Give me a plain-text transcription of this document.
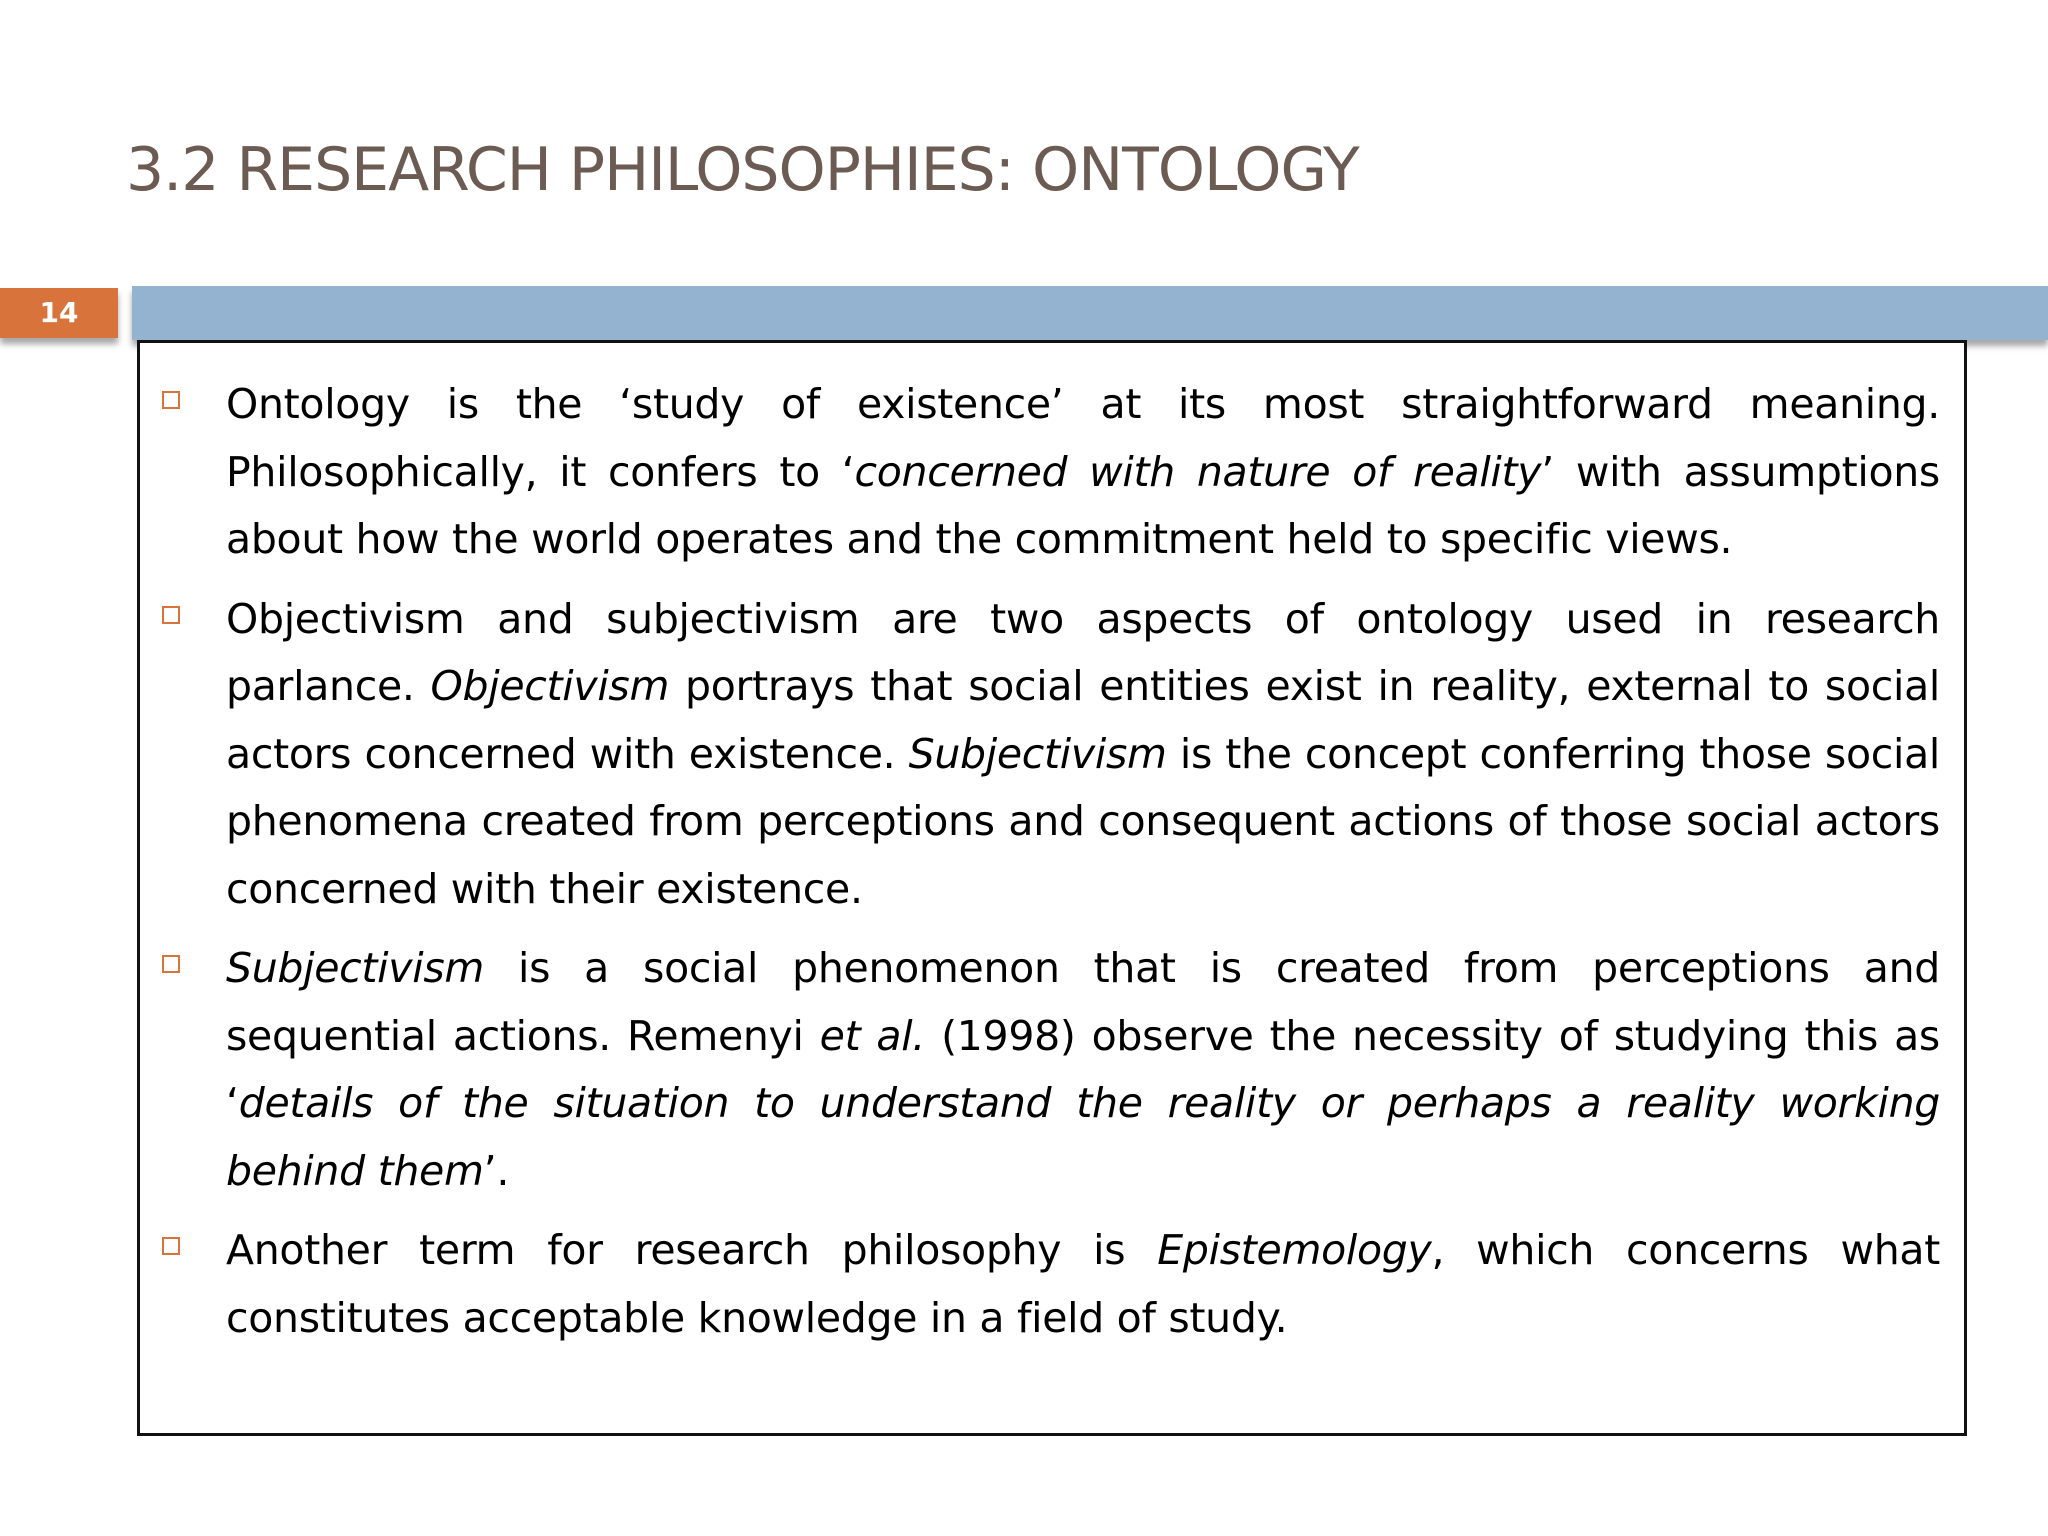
3.2 RESEARCH PHILOSOPHIES: ONTOLOGY
14
Ontology is the ‘study of existence’ at its most straightforward meaning. Philosophically, it confers to ‘concerned with nature of reality’ with assumptions about how the world operates and the commitment held to specific views.
Objectivism and subjectivism are two aspects of ontology used in research parlance. Objectivism portrays that social entities exist in reality, external to social actors concerned with existence. Subjectivism is the concept conferring those social phenomena created from perceptions and consequent actions of those social actors concerned with their existence.
Subjectivism is a social phenomenon that is created from perceptions and sequential actions. Remenyi et al. (1998) observe the necessity of studying this as ‘details of the situation to understand the reality or perhaps a reality working behind them’.
Another term for research philosophy is Epistemology, which concerns what constitutes acceptable knowledge in a field of study.
